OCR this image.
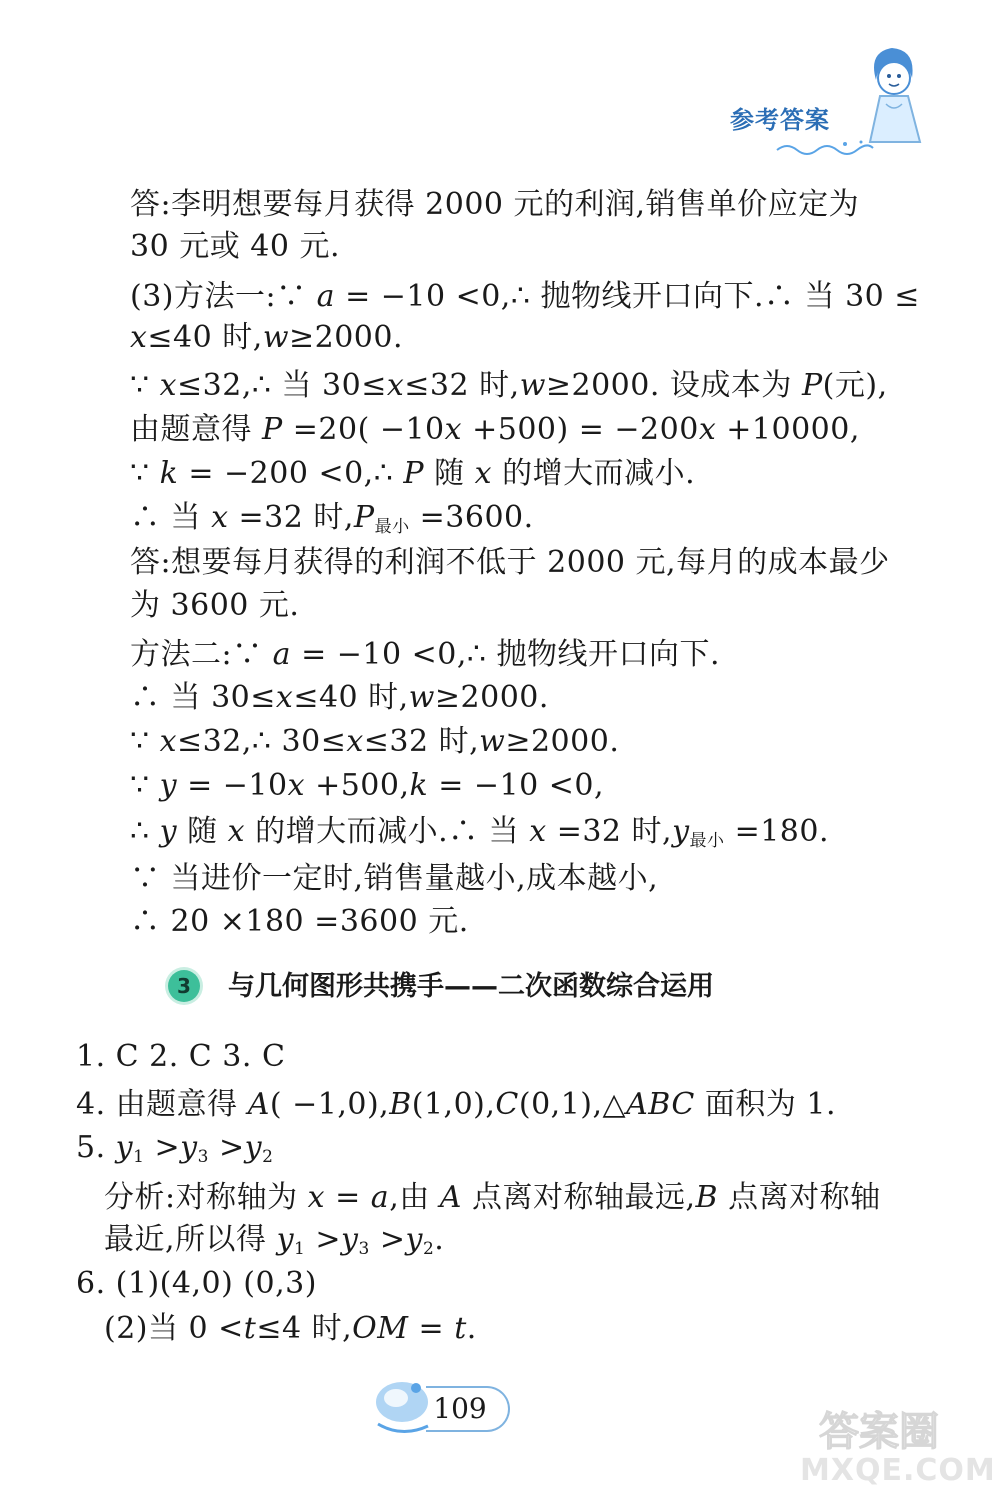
参考答案
答:李明想要每月获得 2000 元的利润,销售单价应定为
30 元或 40 元.
(3)方法一:∵ a = −10 <0,∴ 抛物线开口向下.∴ 当 30 ≤
x≤40 时,w≥2000.
∵ x≤32,∴ 当 30≤x≤32 时,w≥2000. 设成本为 P(元),
由题意得 P =20( −10x +500) = −200x +10000,
∵ k = −200 <0,∴ P 随 x 的增大而减小.
∴ 当 x =32 时$,P_{最小} =3600$.
答:想要每月获得的利润不低于 2000 元,每月的成本最少
为 3600 元.
方法二:∵ a = −10 <0,∴ 抛物线开口向下.
∴ 当 30≤x≤40 时,w≥2000.
∵ x≤32,∴ 30≤x≤32 时,w≥2000.
∵ y = −10x +500,k = −10 <0,
∴ y 随 x 的增大而减小.∴ 当 x =32 时$,y_{最小} =180$.
∵ 当进价一定时,销售量越小,成本越小,
∴ 20 ×180 =3600 元.
3	与几何图形共携手——二次函数综合运用
1. C 2. C 3. C
4. 由题意得 A( −1,0),B(1,0),C(0,1),△ABC 面积为 1.
5. $y_1 >y_3 >y_2$
分析:对称轴为 x = a,由 A 点离对称轴最远,B 点离对称轴
最近,所以得 $y_1 >y_3 >y_2$.
6. (1)(4,0) (0,3)
(2)当 0 <t≤4 时,OM = t.
109
答案圈
MXQE.COM
